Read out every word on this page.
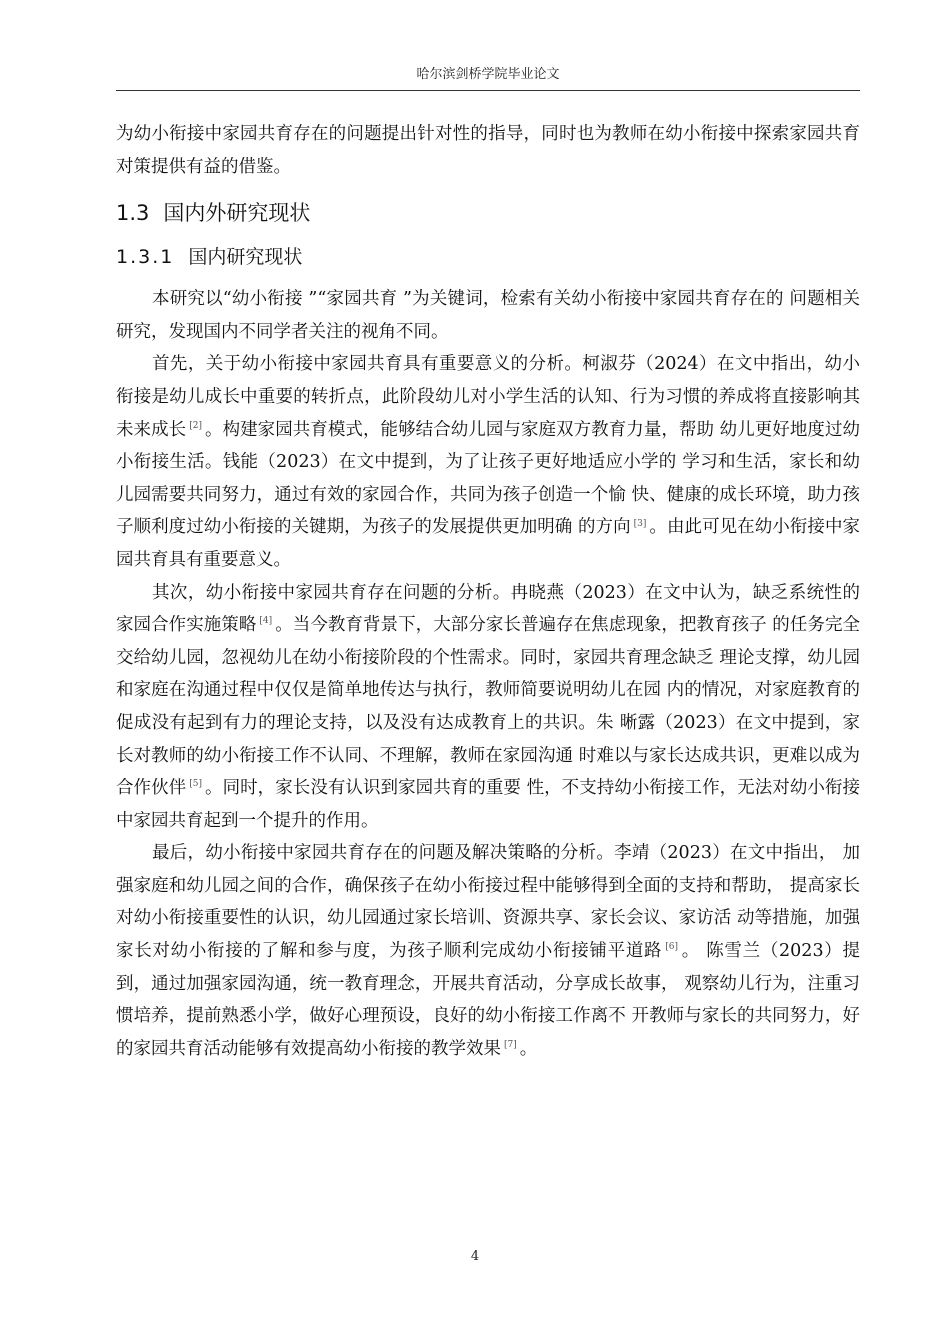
哈尔滨剑桥学院毕业论文

为幼小衔接中家园共育存在的问题提出针对性的指导，同时也为教师在幼小衔接中探索家园共育对策提供有益的借鉴。

1.3 国内外研究现状
1.3.1 国内研究现状

本研究以“幼小衔接 ”“家园共育 ”为关键词，检索有关幼小衔接中家园共育存在的 问题相关研究，发现国内不同学者关注的视角不同。

首先，关于幼小衔接中家园共育具有重要意义的分析。柯淑芬（2024）在文中指出，幼小衔接是幼儿成长中重要的转折点，此阶段幼儿对小学生活的认知、行为习惯的养成将直接影响其未来成长 [2] 。构建家园共育模式，能够结合幼儿园与家庭双方教育力量，帮助 幼儿更好地度过幼小衔接生活。钱能（2023）在文中提到，为了让孩子更好地适应小学的 学习和生活，家长和幼儿园需要共同努力，通过有效的家园合作，共同为孩子创造一个愉 快、健康的成长环境，助力孩子顺利度过幼小衔接的关键期，为孩子的发展提供更加明确 的方向 [3] 。由此可见在幼小衔接中家园共育具有重要意义。

其次，幼小衔接中家园共育存在问题的分析。冉晓燕（2023）在文中认为，缺乏系统性的家园合作实施策略 [4] 。当今教育背景下，大部分家长普遍存在焦虑现象，把教育孩子 的任务完全交给幼儿园，忽视幼儿在幼小衔接阶段的个性需求。同时，家园共育理念缺乏 理论支撑，幼儿园和家庭在沟通过程中仅仅是简单地传达与执行，教师简要说明幼儿在园 内的情况，对家庭教育的促成没有起到有力的理论支持，以及没有达成教育上的共识。朱 晰露（2023）在文中提到，家长对教师的幼小衔接工作不认同、不理解，教师在家园沟通 时难以与家长达成共识，更难以成为合作伙伴 [5] 。同时，家长没有认识到家园共育的重要 性，不支持幼小衔接工作，无法对幼小衔接中家园共育起到一个提升的作用。

最后，幼小衔接中家园共育存在的问题及解决策略的分析。李靖（2023）在文中指出， 加强家庭和幼儿园之间的合作，确保孩子在幼小衔接过程中能够得到全面的支持和帮助， 提高家长对幼小衔接重要性的认识，幼儿园通过家长培训、资源共享、家长会议、家访活 动等措施，加强家长对幼小衔接的了解和参与度，为孩子顺利完成幼小衔接铺平道路 [6] 。 陈雪兰（2023）提到，通过加强家园沟通，统一教育理念，开展共育活动，分享成长故事， 观察幼儿行为，注重习惯培养，提前熟悉小学，做好心理预设，良好的幼小衔接工作离不 开教师与家长的共同努力，好的家园共育活动能够有效提高幼小衔接的教学效果 [7] 。

4
